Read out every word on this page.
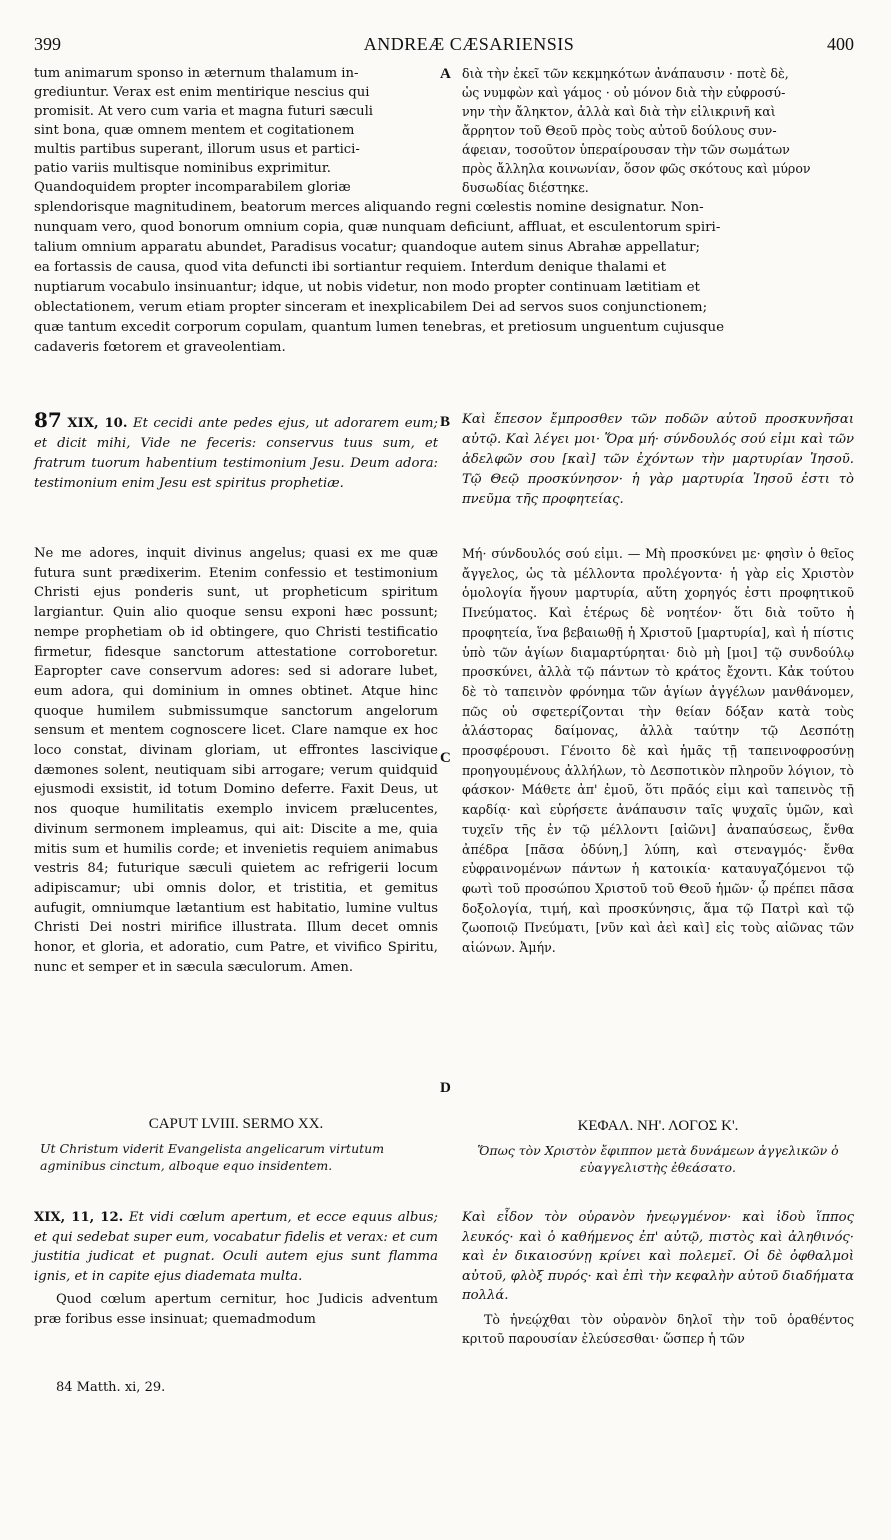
399	ANDREÆ CÆSARIENSIS	400

tum animarum sponso in æternum thalamum in-

grediuntur. Verax est enim mentirique nescius qui

promisit. At vero cum varia et magna futuri sæculi

sint bona, quæ omnem mentem et cogitationem

multis partibus superant, illorum usus et partici-

patio variis multisque nominibus exprimitur.

Quandoquidem propter incomparabilem gloriæ

A διὰ τὴν ἐκεῖ τῶν κεκμηκότων ἀνάπαυσιν · ποτὲ δὲ,

ὡς νυμφὼν καὶ γάμος · οὐ μόνον διὰ τὴν εὐφροσύ-

νην τὴν ἄληκτον, ἀλλὰ καὶ διὰ τὴν εἰλικρινῆ καὶ

ἄρρητον τοῦ Θεοῦ πρὸς τοὺς αὐτοῦ δούλους συν-

άφειαν, τοσοῦτον ὑπεραίρουσαν τὴν τῶν σωμάτων

πρὸς ἄλληλα κοινωνίαν, ὅσον φῶς σκότους καὶ μύρον

δυσωδίας διέστηκε.

splendorisque magnitudinem, beatorum merces aliquando regni cœlestis nomine designatur. Non-

nunquam vero, quod bonorum omnium copia, quæ nunquam deficiunt, affluat, et esculentorum spiri-

talium omnium apparatu abundet, Paradisus vocatur; quandoque autem sinus Abrahæ appellatur;

ea fortassis de causa, quod vita defuncti ibi sortiantur requiem. Interdum denique thalami et

nuptiarum vocabulo insinuantur; idque, ut nobis videtur, non modo propter continuam lætitiam et

oblectationem, verum etiam propter sinceram et inexplicabilem Dei ad servos suos conjunctionem;

quæ tantum excedit corporum copulam, quantum lumen tenebras, et pretiosum unguentum cujusque

cadaveris fœtorem et graveolentiam.

87 XIX, 10. Et cecidi ante pedes ejus, ut adorarem eum; et dicit mihi, Vide ne feceris: conservus tuus sum, et fratrum tuorum habentium testimonium Jesu. Deum adora: testimonium enim Jesu est spiritus prophetiæ.

B Καὶ ἔπεσον ἔμπροσθεν τῶν ποδῶν αὐτοῦ προσκυνῆσαι αὐτῷ. Καὶ λέγει μοι· Ὅρα μή· σύνδουλός σού εἰμι καὶ τῶν ἀδελφῶν σου [καὶ] τῶν ἐχόντων τὴν μαρτυρίαν Ἰησοῦ. Τῷ Θεῷ προσκύνησον· ἡ γὰρ μαρτυρία Ἰησοῦ ἐστι τὸ πνεῦμα τῆς προφητείας.

Ne me adores, inquit divinus angelus; quasi ex me quæ futura sunt prædixerim. Etenim confessio et testimonium Christi ejus ponderis sunt, ut propheticum spiritum largiantur. Quin alio quoque sensu exponi hæc possunt; nempe prophetiam ob id obtingere, quo Christi testificatio firmetur, fidesque sanctorum attestatione corroboretur. Eapropter cave conservum adores: sed si adorare lubet, eum adora, qui dominium in omnes obtinet. Atque hinc quoque humilem submissumque sanctorum angelorum sensum et mentem cognoscere licet. Clare namque ex hoc loco constat, divinam gloriam, ut effrontes lascivique dæmones solent, neutiquam sibi arrogare; verum quidquid ejusmodi exsistit, id totum Domino deferre. Faxit Deus, ut nos quoque humilitatis exemplo invicem prælucentes, divinum sermonem impleamus, qui ait: Discite a me, quia mitis sum et humilis corde; et invenietis requiem animabus vestris 84; futurique sæculi quietem ac refrigerii locum adipiscamur; ubi omnis dolor, et tristitia, et gemitus aufugit, omniumque lætantium est habitatio, lumine vultus Christi Dei nostri mirifice illustrata. Illum decet omnis honor, et gloria, et adoratio, cum Patre, et vivifico Spiritu, nunc et semper et in sæcula sæculorum. Amen.

C

Μή· σύνδουλός σού εἰμι. — Μὴ προσκύνει με· φησὶν ὁ θεῖος ἄγγελος, ὡς τὰ μέλλοντα προλέγοντα· ἡ γὰρ εἰς Χριστὸν ὁμολογία ἤγουν μαρτυρία, αὕτη χορηγός ἐστι προφητικοῦ Πνεύματος. Καὶ ἑτέρως δὲ νοητέον· ὅτι διὰ τοῦτο ἡ προφητεία, ἵνα βεβαιωθῇ ἡ Χριστοῦ [μαρτυρία], καὶ ἡ πίστις ὑπὸ τῶν ἁγίων διαμαρτύρηται· διὸ μὴ [μοι] τῷ συνδούλῳ προσκύνει, ἀλλὰ τῷ πάντων τὸ κράτος ἔχοντι. Κἀκ τούτου δὲ τὸ ταπεινὸν φρόνημα τῶν ἁγίων ἀγγέλων μανθάνομεν, πῶς οὐ σφετερίζονται τὴν θείαν δόξαν κατὰ τοὺς ἀλάστορας δαίμονας, ἀλλὰ ταύτην τῷ Δεσπότῃ προσφέρουσι. Γένοιτο δὲ καὶ ἡμᾶς τῇ ταπεινοφροσύνῃ προηγουμένους ἀλλήλων, τὸ Δεσποτικὸν πληροῦν λόγιον, τὸ φάσκον· Μάθετε ἀπ' ἐμοῦ, ὅτι πρᾶός εἰμι καὶ ταπεινὸς τῇ καρδίᾳ· καὶ εὑρήσετε ἀνάπαυσιν ταῖς ψυχαῖς ὑμῶν, καὶ τυχεῖν τῆς ἐν τῷ μέλλοντι [αἰῶνι] ἀναπαύσεως, ἔνθα ἀπέδρα [πᾶσα ὀδύνη,] λύπη, καὶ στεναγμός· ἔνθα εὐφραινομένων πάντων ἡ κατοικία· καταυγαζόμενοι τῷ φωτὶ τοῦ προσώπου Χριστοῦ τοῦ Θεοῦ ἡμῶν· ᾧ πρέπει πᾶσα δοξολογία, τιμή, καὶ προσκύνησις, ἅμα τῷ Πατρὶ καὶ τῷ ζωοποιῷ Πνεύματι, [νῦν καὶ ἀεὶ καὶ] εἰς τοὺς αἰῶνας τῶν αἰώνων. Ἀμήν.

D
CAPUT LVIII. SERMO XX.	ΚΕΦΑΛ. ΝΗ'. ΛΟΓΟΣ Κ'.
Ut Christum viderit Evangelista angelicarum virtutum agminibus cinctum, alboque equo insidentem.
Ὅπως τὸν Χριστὸν ἔφιππον μετὰ δυνάμεων ἀγγελικῶν ὁ εὐαγγελιστὴς ἐθεάσατο.

XIX, 11, 12. Et vidi cœlum apertum, et ecce equus albus; et qui sedebat super eum, vocabatur fidelis et verax: et cum justitia judicat et pugnat. Oculi autem ejus sunt flamma ignis, et in capite ejus diademata multa.

Quod cœlum apertum cernitur, hoc Judicis adventum præ foribus esse insinuat; quemadmodum

Καὶ εἶδον τὸν οὐρανὸν ἠνεῳγμένον· καὶ ἰδοὺ ἵππος λευκός· καὶ ὁ καθήμενος ἐπ' αὐτῷ, πιστὸς καὶ ἀληθινός· καὶ ἐν δικαιοσύνῃ κρίνει καὶ πολεμεῖ. Οἱ δὲ ὀφθαλμοὶ αὐτοῦ, φλὸξ πυρός· καὶ ἐπὶ τὴν κεφαλὴν αὐτοῦ διαδήματα πολλά.

Τὸ ἠνεῴχθαι τὸν οὐρανὸν δηλοῖ τὴν τοῦ ὁραθέντος κριτοῦ παρουσίαν ἐλεύσεσθαι· ὥσπερ ἡ τῶν

84 Matth. xi, 29.
